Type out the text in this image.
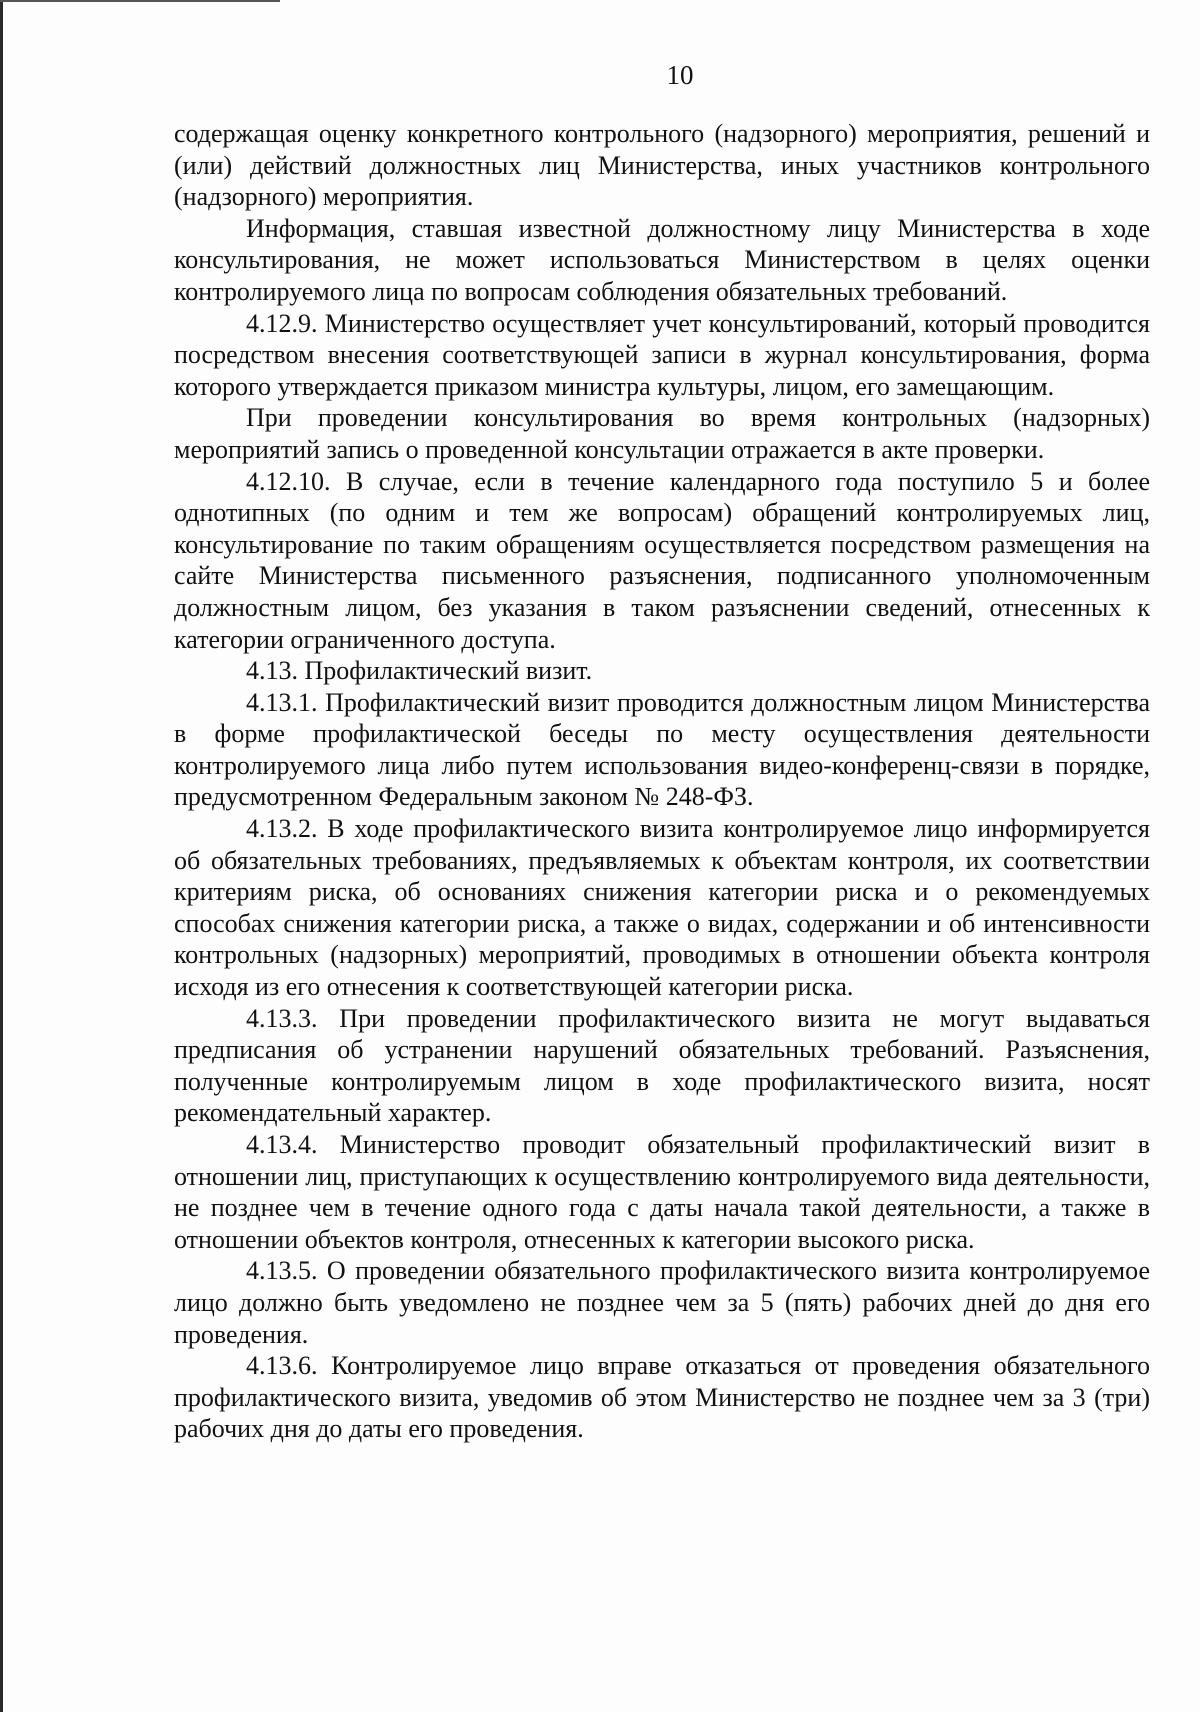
10

содержащая оценку конкретного контрольного (надзорного) мероприятия, решений и (или) действий должностных лиц Министерства, иных участников контрольного (надзорного) мероприятия.

Информация, ставшая известной должностному лицу Министерства в ходе консультирования, не может использоваться Министерством в целях оценки контролируемого лица по вопросам соблюдения обязательных требований.

4.12.9. Министерство осуществляет учет консультирований, который проводится посредством внесения соответствующей записи в журнал консультирования, форма которого утверждается приказом министра культуры, лицом, его замещающим.

При проведении консультирования во время контрольных (надзорных) мероприятий запись о проведенной консультации отражается в акте проверки.

4.12.10. В случае, если в течение календарного года поступило 5 и более однотипных (по одним и тем же вопросам) обращений контролируемых лиц, консультирование по таким обращениям осуществляется посредством размещения на сайте Министерства письменного разъяснения, подписанного уполномоченным должностным лицом, без указания в таком разъяснении сведений, отнесенных к категории ограниченного доступа.

4.13. Профилактический визит.

4.13.1. Профилактический визит проводится должностным лицом Министерства в форме профилактической беседы по месту осуществления деятельности контролируемого лица либо путем использования видео-конференц-связи в порядке, предусмотренном Федеральным законом № 248-ФЗ.

4.13.2. В ходе профилактического визита контролируемое лицо информируется об обязательных требованиях, предъявляемых к объектам контроля, их соответствии критериям риска, об основаниях снижения категории риска и о рекомендуемых способах снижения категории риска, а также о видах, содержании и об интенсивности контрольных (надзорных) мероприятий, проводимых в отношении объекта контроля исходя из его отнесения к соответствующей категории риска.

4.13.3. При проведении профилактического визита не могут выдаваться предписания об устранении нарушений обязательных требований. Разъяснения, полученные контролируемым лицом в ходе профилактического визита, носят рекомендательный характер.

4.13.4. Министерство проводит обязательный профилактический визит в отношении лиц, приступающих к осуществлению контролируемого вида деятельности, не позднее чем в течение одного года с даты начала такой деятельности, а также в отношении объектов контроля, отнесенных к категории высокого риска.

4.13.5. О проведении обязательного профилактического визита контролируемое лицо должно быть уведомлено не позднее чем за 5 (пять) рабочих дней до дня его проведения.

4.13.6. Контролируемое лицо вправе отказаться от проведения обязательного профилактического визита, уведомив об этом Министерство не позднее чем за 3 (три) рабочих дня до даты его проведения.
